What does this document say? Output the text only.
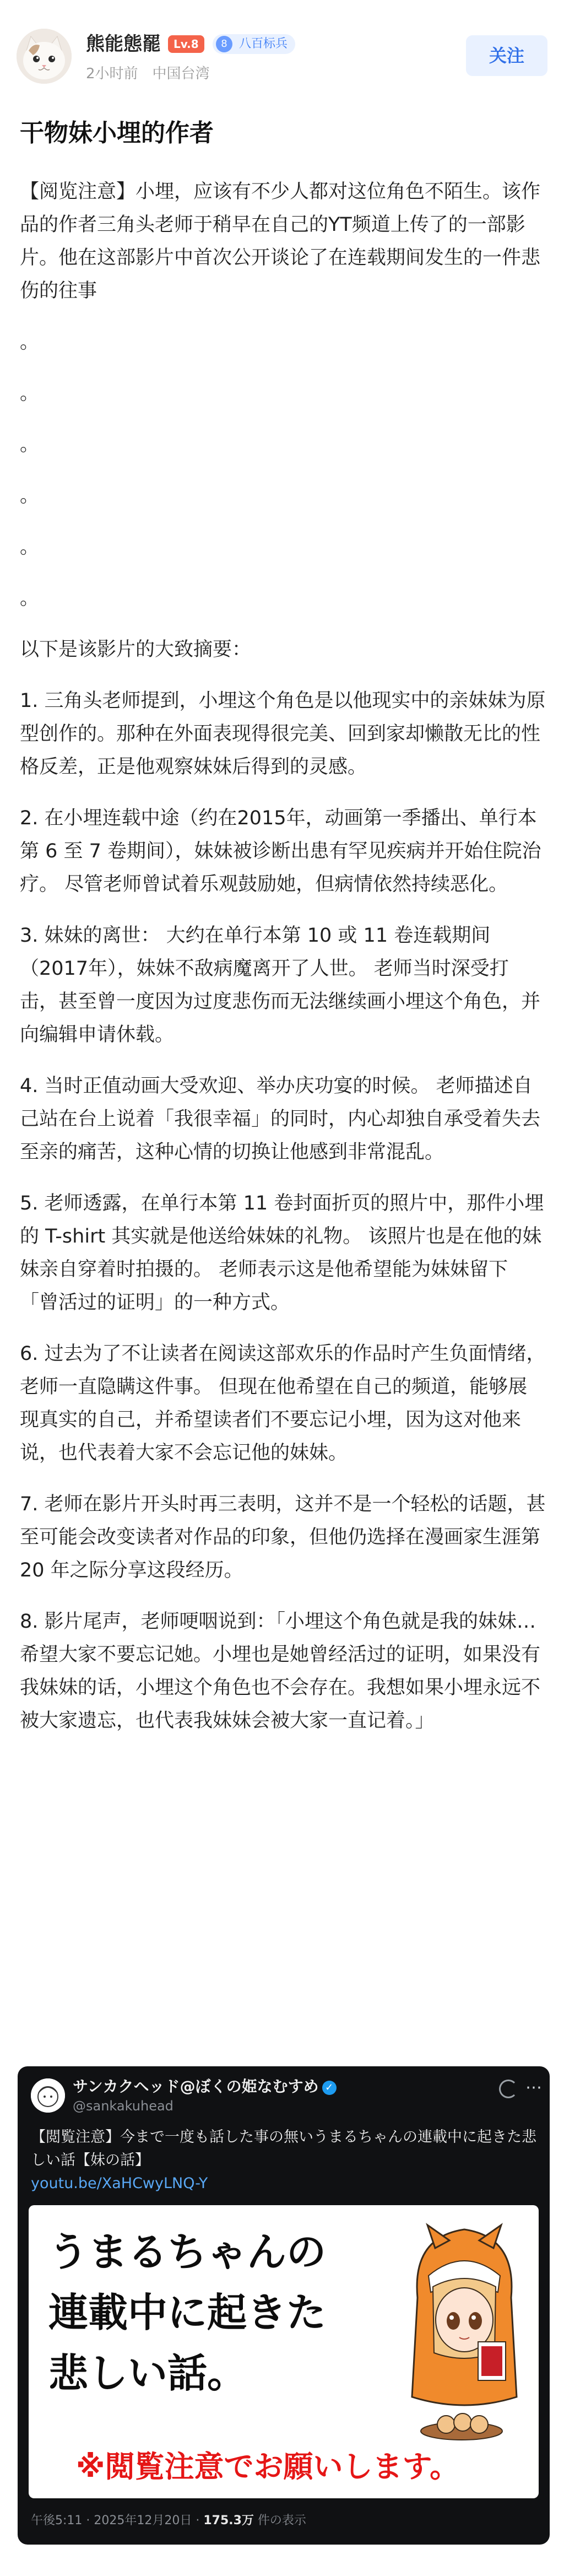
熊能態罷	Lv.8	8 八百标兵
2小时前 中国台湾
关注
干物妹小埋的作者

【阅览注意】小埋，应该有不少人都对这位角色不陌生。该作品的作者三角头老师于稍早在自己的YT频道上传了的一部影片。他在这部影片中首次公开谈论了在连载期间发生的一件悲伤的往事

。

。

。

。

。

。

以下是该影片的大致摘要：

1. 三角头老师提到，小埋这个角色是以他现实中的亲妹妹为原型创作的。那种在外面表现得很完美、回到家却懒散无比的性格反差，正是他观察妹妹后得到的灵感。

2. 在小埋连载中途（约在2015年，动画第一季播出、单行本第 6 至 7 卷期间），妹妹被诊断出患有罕见疾病并开始住院治疗。 尽管老师曾试着乐观鼓励她，但病情依然持续恶化。

3. 妹妹的离世： 大约在单行本第 10 或 11 卷连载期间（2017年），妹妹不敌病魔离开了人世。 老师当时深受打击，甚至曾一度因为过度悲伤而无法继续画小埋这个角色，并向编辑申请休载。

4. 当时正值动画大受欢迎、举办庆功宴的时候。 老师描述自己站在台上说着「我很幸福」的同时，内心却独自承受着失去至亲的痛苦，这种心情的切换让他感到非常混乱。

5. 老师透露，在单行本第 11 卷封面折页的照片中，那件小埋的 T-shirt 其实就是他送给妹妹的礼物。 该照片也是在他的妹妹亲自穿着时拍摄的。 老师表示这是他希望能为妹妹留下「曾活过的证明」的一种方式。

6. 过去为了不让读者在阅读这部欢乐的作品时产生负面情绪，老师一直隐瞒这件事。 但现在他希望在自己的频道，能够展现真实的自己，并希望读者们不要忘记小埋，因为这对他来说，也代表着大家不会忘记他的妹妹。

7. 老师在影片开头时再三表明，这并不是一个轻松的话题，甚至可能会改变读者对作品的印象，但他仍选择在漫画家生涯第 20 年之际分享这段经历。

8. 影片尾声，老师哽咽说到：「小埋这个角色就是我的妹妹…希望大家不要忘记她。小埋也是她曾经活过的证明，如果没有我妹妹的话，小埋这个角色也不会存在。我想如果小埋永远不被大家遗忘，也代表我妹妹会被大家一直记着。」

サンカクヘッド@ぼくの姫なむすめ ✓
@sankakuhead
⋯
【閲覧注意】今まで一度も話した事の無いうまるちゃんの連載中に起きた悲しい話【妹の話】
youtu.be/XaHCwyLNQ-Y
うまるちゃんの
連載中に起きた
悲しい話。
※閲覧注意でお願いします。
午後5:11 · 2025年12月20日 · 175.3万 件の表示
